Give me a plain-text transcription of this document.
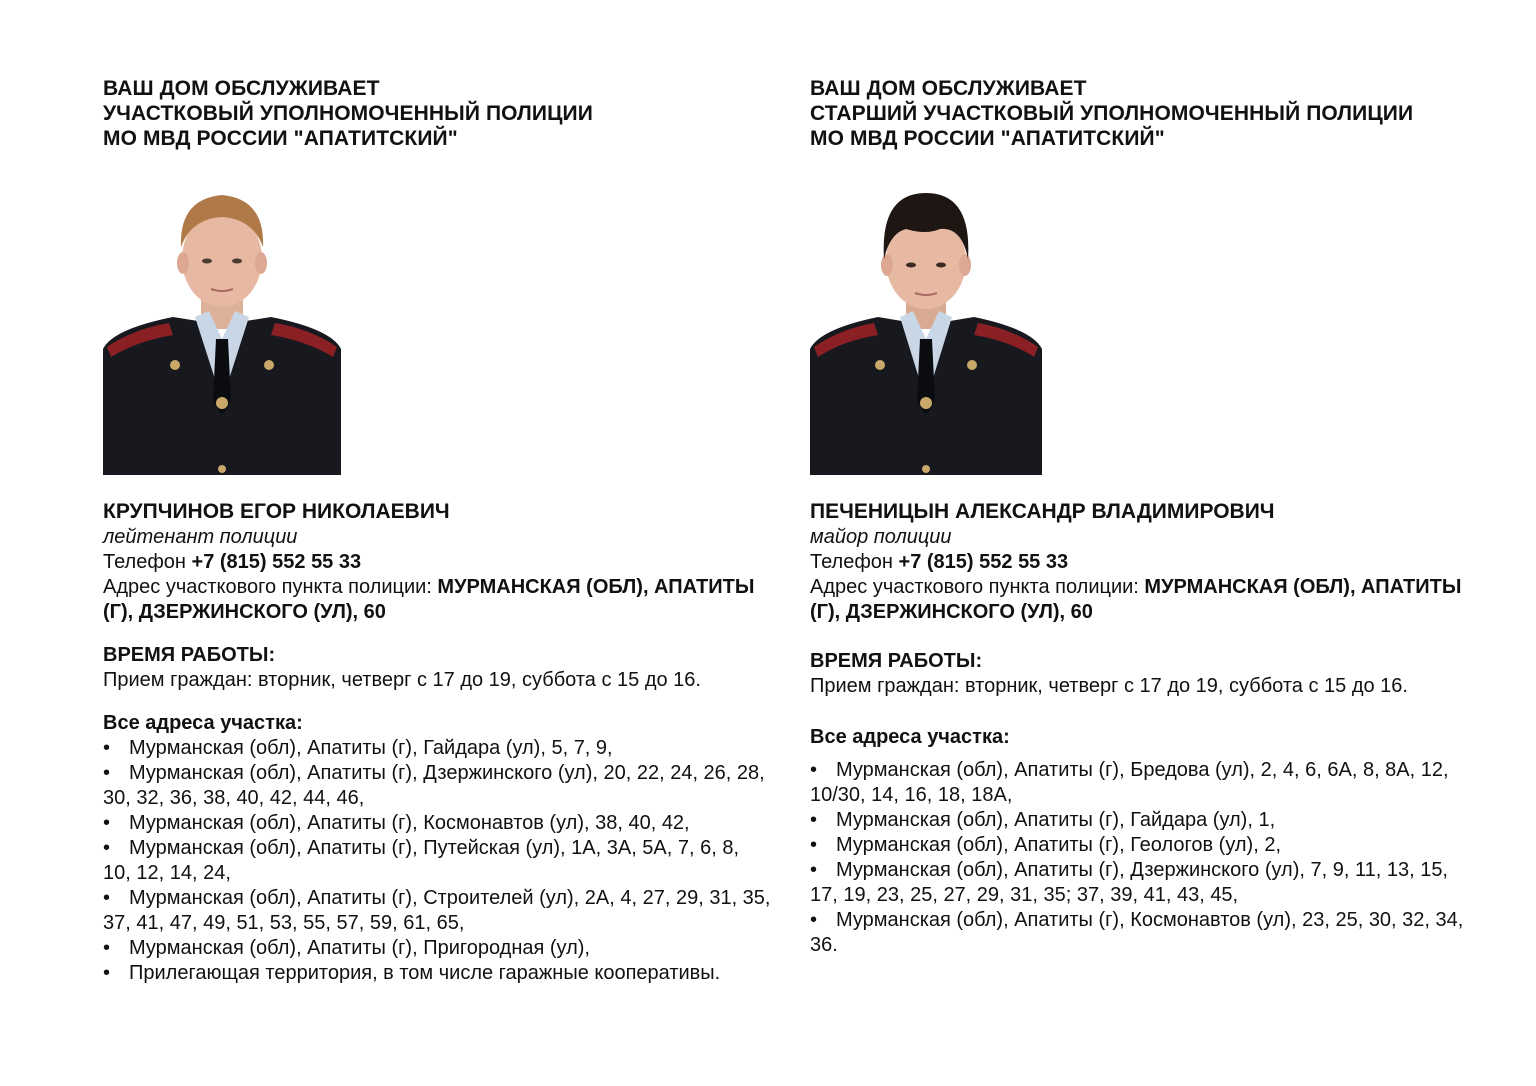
ВАШ ДОМ ОБСЛУЖИВАЕТ
УЧАСТКОВЫЙ УПОЛНОМОЧЕННЫЙ ПОЛИЦИИ
МО МВД РОССИИ "АПАТИТСКИЙ"
КРУПЧИНОВ ЕГОР НИКОЛАЕВИЧ
лейтенант полиции
Телефон +7 (815) 552 55 33
Адрес участкового пункта полиции: МУРМАНСКАЯ (ОБЛ), АПАТИТЫ (Г), ДЗЕРЖИНСКОГО (УЛ), 60
ВРЕМЯ РАБОТЫ:
Прием граждан: вторник, четверг с 17 до 19, суббота с 15 до 16.
Все адреса участка:
• Мурманская (обл), Апатиты (г), Гайдара (ул), 5, 7, 9,
• Мурманская (обл), Апатиты (г), Дзержинского (ул), 20, 22, 24, 26, 28, 30, 32, 36, 38, 40, 42, 44, 46,
• Мурманская (обл), Апатиты (г), Космонавтов (ул), 38, 40, 42,
• Мурманская (обл), Апатиты (г), Путейская (ул), 1А, 3А, 5А, 7, 6, 8, 10, 12, 14, 24,
• Мурманская (обл), Апатиты (г), Строителей (ул), 2А, 4, 27, 29, 31, 35, 37, 41, 47, 49, 51, 53, 55, 57, 59, 61, 65,
• Мурманская (обл), Апатиты (г), Пригородная (ул),
• Прилегающая территория, в том числе гаражные кооперативы.
ВАШ ДОМ ОБСЛУЖИВАЕТ
СТАРШИЙ УЧАСТКОВЫЙ УПОЛНОМОЧЕННЫЙ ПОЛИЦИИ
МО МВД РОССИИ "АПАТИТСКИЙ"
ПЕЧЕНИЦЫН АЛЕКСАНДР ВЛАДИМИРОВИЧ
майор полиции
Телефон +7 (815) 552 55 33
Адрес участкового пункта полиции: МУРМАНСКАЯ (ОБЛ), АПАТИТЫ (Г), ДЗЕРЖИНСКОГО (УЛ), 60
ВРЕМЯ РАБОТЫ:
Прием граждан: вторник, четверг с 17 до 19, суббота с 15 до 16.
Все адреса участка:
• Мурманская (обл), Апатиты (г), Бредова (ул), 2, 4, 6, 6А, 8, 8А, 12, 10/30, 14, 16, 18, 18А,
• Мурманская (обл), Апатиты (г), Гайдара (ул), 1,
• Мурманская (обл), Апатиты (г), Геологов (ул), 2,
• Мурманская (обл), Апатиты (г), Дзержинского (ул), 7, 9, 11, 13, 15, 17, 19, 23, 25, 27, 29, 31, 35; 37, 39, 41, 43, 45,
• Мурманская (обл), Апатиты (г), Космонавтов (ул), 23, 25, 30, 32, 34, 36.
